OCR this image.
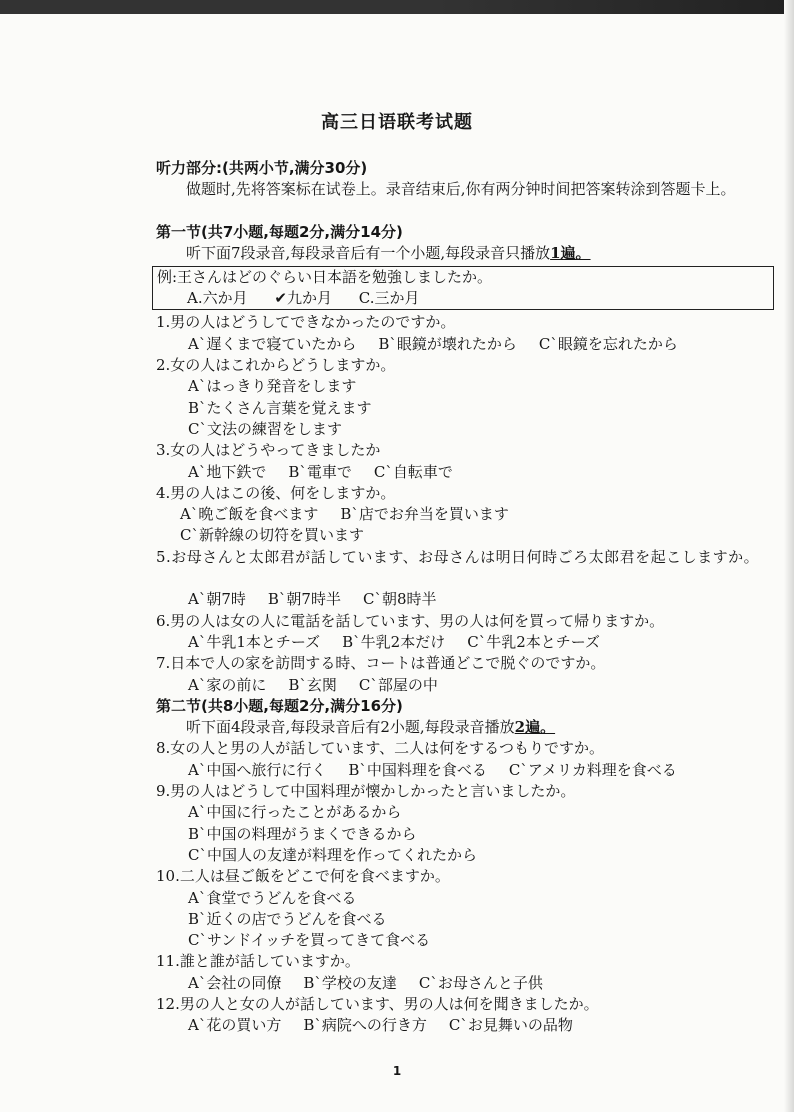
高三日语联考试题
听力部分:(共两小节,满分30分)
做题时,先将答案标在试卷上。录音结束后,你有两分钟时间把答案转涂到答题卡上。
第一节(共7小题,每题2分,满分14分)
听下面7段录音,每段录音后有一个小题,每段录音只播放1遍。
例:王さんはどのぐらい日本語を勉強しましたか。
A.六か月 ✔九か月 C.三か月
1.男の人はどうしてできなかったのですか。
A`遅くまで寝ていたから B`眼鏡が壊れたから C`眼鏡を忘れたから
2.女の人はこれからどうしますか。
A`はっきり発音をします
B`たくさん言葉を覚えます
C`文法の練習をします
3.女の人はどうやってきましたか
A`地下鉄で B`電車で C`自転車で
4.男の人はこの後、何をしますか。
A`晩ご飯を食べます B`店でお弁当を買います
C`新幹線の切符を買います
5.お母さんと太郎君が話しています、お母さんは明日何時ごろ太郎君を起こしますか。
A`朝7時 B`朝7時半 C`朝8時半
6.男の人は女の人に電話を話しています、男の人は何を買って帰りますか。
A`牛乳1本とチーズ B`牛乳2本だけ C`牛乳2本とチーズ
7.日本で人の家を訪問する時、コートは普通どこで脱ぐのですか。
A`家の前に B`玄関 C`部屋の中
第二节(共8小题,每题2分,满分16分)
听下面4段录音,每段录音后有2小题,每段录音播放2遍。
8.女の人と男の人が話しています、二人は何をするつもりですか。
A`中国へ旅行に行く B`中国料理を食べる C`アメリカ料理を食べる
9.男の人はどうして中国料理が懐かしかったと言いましたか。
A`中国に行ったことがあるから
B`中国の料理がうまくできるから
C`中国人の友達が料理を作ってくれたから
10.二人は昼ご飯をどこで何を食べますか。
A`食堂でうどんを食べる
B`近くの店でうどんを食べる
C`サンドイッチを買ってきて食べる
11.誰と誰が話していますか。
A`会社の同僚 B`学校の友達 C`お母さんと子供
12.男の人と女の人が話しています、男の人は何を聞きましたか。
A`花の買い方 B`病院への行き方 C`お見舞いの品物
1
